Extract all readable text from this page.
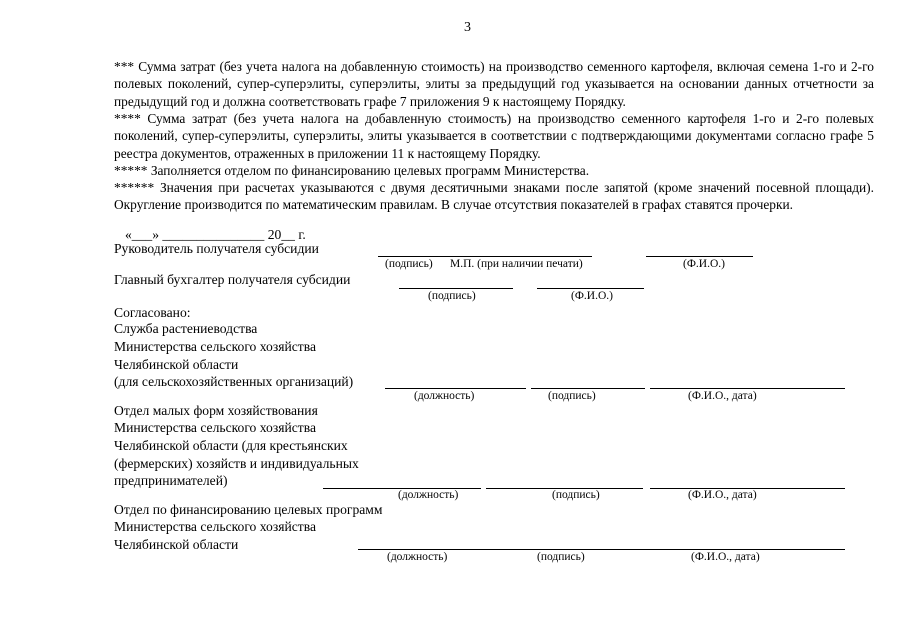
3
*** Сумма затрат (без учета налога на добавленную стоимость) на производство семенного картофеля, включая семена 1-го и 2-го полевых поколений, супер-суперэлиты, суперэлиты, элиты за предыдущий год указывается на основании данных отчетности за предыдущий год и должна соответствовать графе 7 приложения 9 к настоящему Порядку.
**** Сумма затрат (без учета налога на добавленную стоимость) на производство семенного картофеля 1-го и 2-го полевых поколений, супер-суперэлиты, суперэлиты, элиты указывается в соответствии с подтверждающими документами согласно графе 5 реестра документов, отраженных в приложении 11 к настоящему Порядку.
***** Заполняется отделом по финансированию целевых программ Министерства.
****** Значения при расчетах указываются с двумя десятичными знаками после запятой (кроме значений посевной площади). Округление производится по математическим правилам. В случае отсутствия показателей в графах ставятся прочерки.
«___» _______________ 20__ г.
Руководитель получателя субсидии
(подпись) М.П. (при наличии печати)	(Ф.И.О.)
Главный бухгалтер получателя субсидии
(подпись)	(Ф.И.О.)
Согласовано:
Служба растениеводства
Министерства сельского хозяйства
Челябинской области
(для сельскохозяйственных организаций)
(должность)	(подпись)	(Ф.И.О., дата)
Отдел малых форм хозяйствования
Министерства сельского хозяйства
Челябинской области (для крестьянских
(фермерских) хозяйств и индивидуальных
предпринимателей)
(должность)	(подпись)	(Ф.И.О., дата)
Отдел по финансированию целевых программ
Министерства сельского хозяйства
Челябинской области
(должность)	(подпись)	(Ф.И.О., дата)
